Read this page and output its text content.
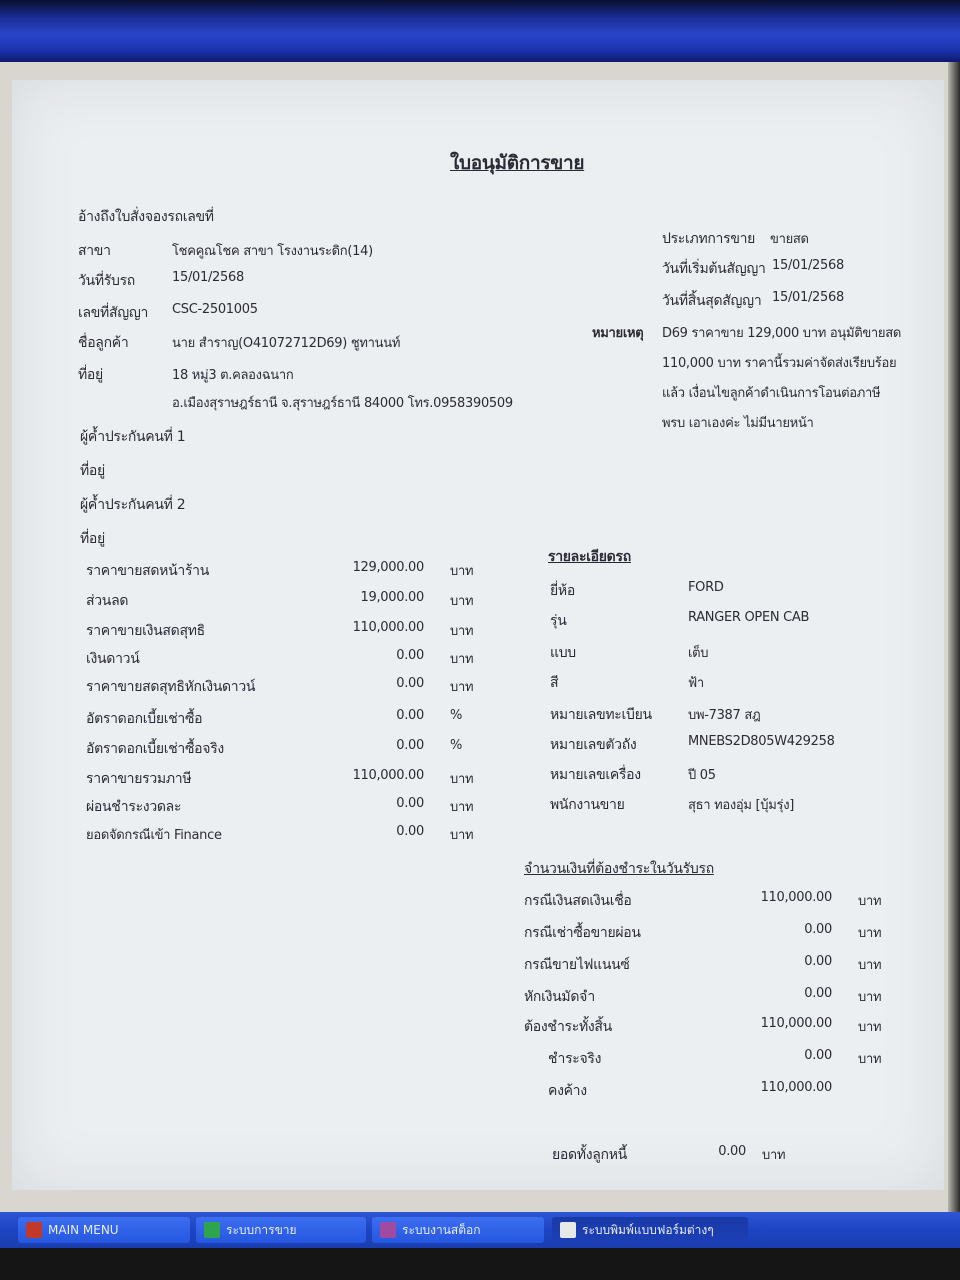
ใบอนุมัติการขาย
อ้างถึงใบสั่งจองรถเลขที่
สาขา	โชคคูณโชค สาขา โรงงานระดิก(14)
วันที่รับรถ	15/01/2568
เลขที่สัญญา CSC-2501005
ชื่อลูกค้า	นาย สำราญ(O41072712D69) ชูทานนท์
ที่อยู่	18 หมู่3 ต.คลองฉนาก
อ.เมืองสุราษฎร์ธานี จ.สุราษฎร์ธานี 84000 โทร.0958390509
ผู้ค้ำประกันคนที่ 1
ที่อยู่
ผู้ค้ำประกันคนที่ 2
ที่อยู่
ประเภทการขาย ขายสด
วันที่เริ่มต้นสัญญา 15/01/2568
วันที่สิ้นสุดสัญญา 15/01/2568
หมายเหตุ D69 ราคาขาย 129,000 บาท อนุมัติขายสด
110,000 บาท ราคานี้รวมค่าจัดส่งเรียบร้อย
แล้ว เงื่อนไขลูกค้าดำเนินการโอนต่อภาษี
พรบ เอาเองค่ะ ไม่มีนายหน้า
ราคาขายสดหน้าร้าน	129,000.00 บาท
ส่วนลด	19,000.00 บาท
ราคาขายเงินสดสุทธิ	110,000.00 บาท
เงินดาวน์	0.00 บาท
ราคาขายสดสุทธิหักเงินดาวน์	0.00 บาท
อัตราดอกเบี้ยเช่าซื้อ	0.00 %
อัตราดอกเบี้ยเช่าซื้อจริง	0.00 %
ราคาขายรวมภาษี	110,000.00 บาท
ผ่อนชำระงวดละ	0.00 บาท
ยอดจัดกรณีเข้า Finance	0.00 บาท
รายละเอียดรถ
ยี่ห้อ	FORD
รุ่น	RANGER OPEN CAB
แบบ	เต็บ
สี	ฟ้า
หมายเลขทะเบียน	บพ-7387 สฎ
หมายเลขตัวถัง	MNEBS2D805W429258
หมายเลขเครื่อง	ปี 05
พนักงานขาย	สุธา ทองอุ่ม [บุ้มรุ่ง]
จำนวนเงินที่ต้องชำระในวันรับรถ
กรณีเงินสดเงินเชื่อ	110,000.00 บาท
กรณีเช่าซื้อขายผ่อน	0.00 บาท
กรณีขายไฟแนนซ์	0.00 บาท
หักเงินมัดจำ	0.00 บาท
ต้องชำระทั้งสิ้น	110,000.00 บาท
ชำระจริง	0.00 บาท
คงค้าง	110,000.00
ยอดทั้งลูกหนี้	0.00 บาท
MAIN MENU	ระบบการขาย	ระบบงานสต็อก	ระบบพิมพ์แบบฟอร์มต่างๆ
